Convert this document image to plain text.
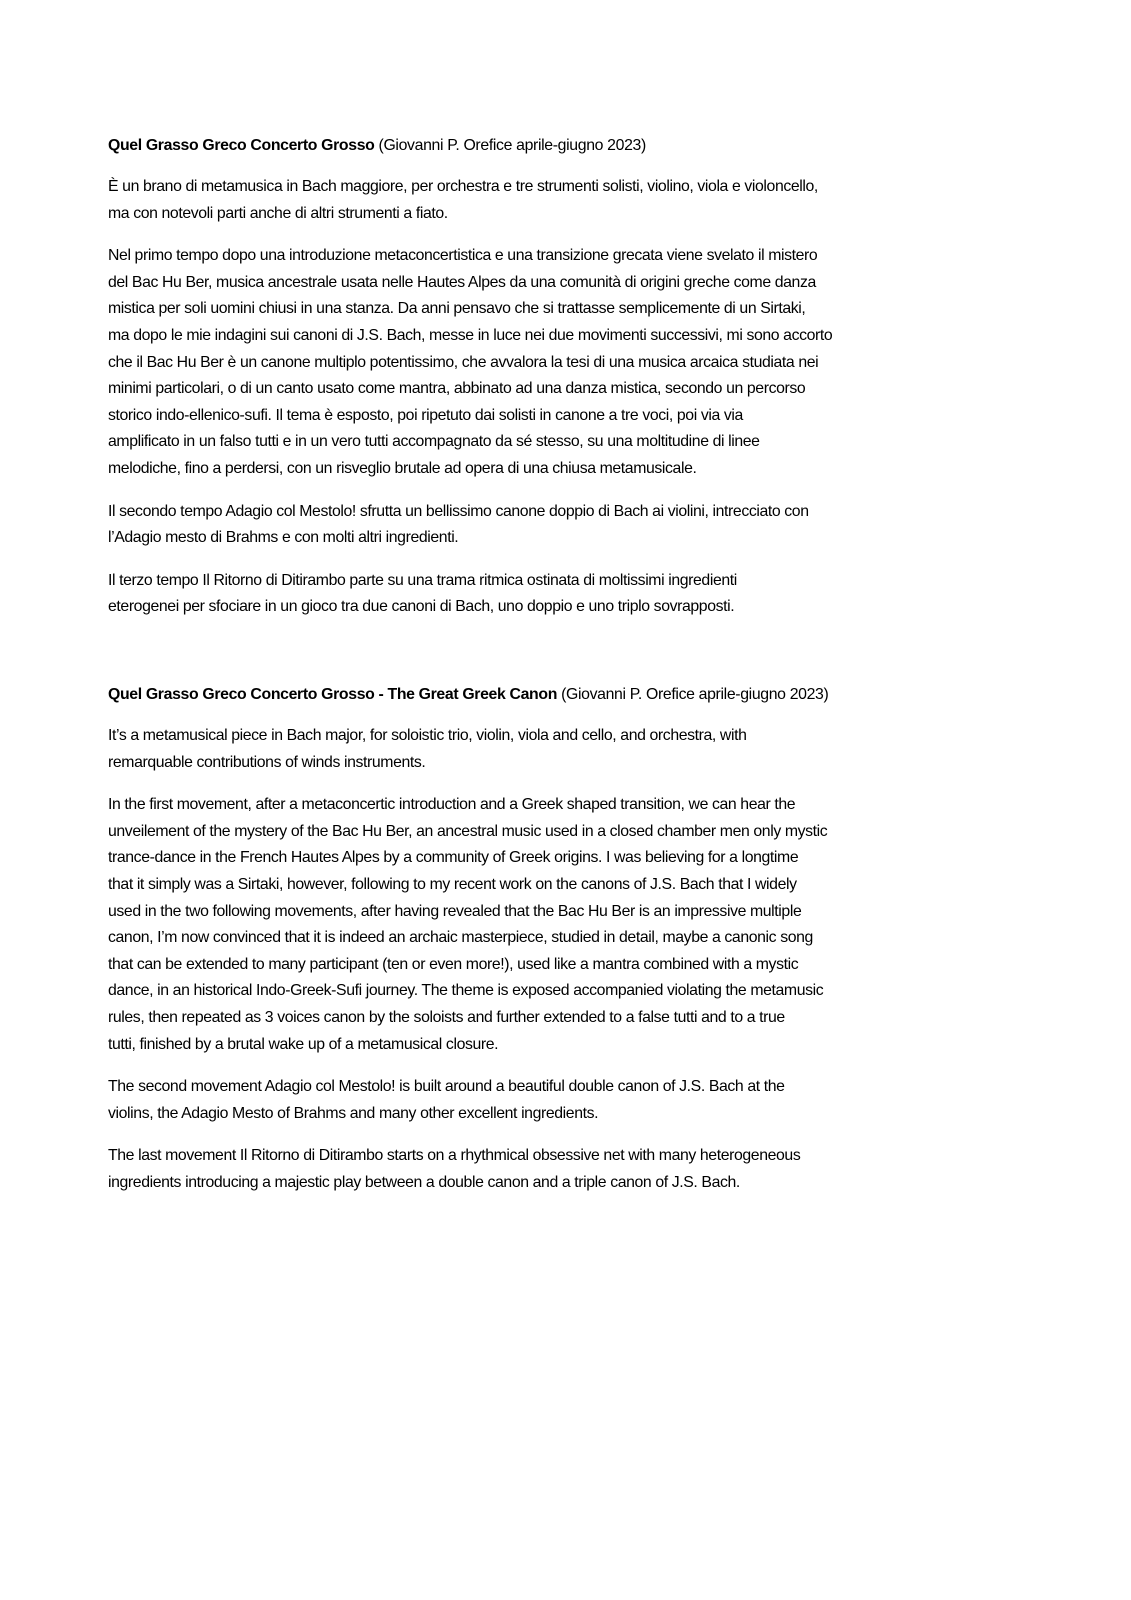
Quel Grasso Greco Concerto Grosso (Giovanni P. Orefice aprile-giugno 2023)
È un brano di metamusica in Bach maggiore, per orchestra e tre strumenti solisti, violino, viola e violoncello,
ma con notevoli parti anche di altri strumenti a fiato.
Nel primo tempo dopo una introduzione metaconcertistica e una transizione grecata viene svelato il mistero
del Bac Hu Ber, musica ancestrale usata nelle Hautes Alpes da una comunità di origini greche come danza
mistica per soli uomini chiusi in una stanza. Da anni pensavo che si trattasse semplicemente di un Sirtaki,
ma dopo le mie indagini sui canoni di J.S. Bach, messe in luce nei due movimenti successivi, mi sono accorto
che il Bac Hu Ber è un canone multiplo potentissimo, che avvalora la tesi di una musica arcaica studiata nei
minimi particolari, o di un canto usato come mantra, abbinato ad una danza mistica, secondo un percorso
storico indo-ellenico-sufi. Il tema è esposto, poi ripetuto dai solisti in canone a tre voci, poi via via
amplificato in un falso tutti e in un vero tutti accompagnato da sé stesso, su una moltitudine di linee
melodiche, fino a perdersi, con un risveglio brutale ad opera di una chiusa metamusicale.
Il secondo tempo Adagio col Mestolo! sfrutta un bellissimo canone doppio di Bach ai violini, intrecciato con
l’Adagio mesto di Brahms e con molti altri ingredienti.
Il terzo tempo Il Ritorno di Ditirambo parte su una trama ritmica ostinata di moltissimi ingredienti
eterogenei per sfociare in un gioco tra due canoni di Bach, uno doppio e uno triplo sovrapposti.
Quel Grasso Greco Concerto Grosso - The Great Greek Canon (Giovanni P. Orefice aprile-giugno 2023)
It’s a metamusical piece in Bach major, for soloistic trio, violin, viola and cello, and orchestra, with
remarquable contributions of winds instruments.
In the first movement, after a metaconcertic introduction and a Greek shaped transition, we can hear the
unveilement of the mystery of the Bac Hu Ber, an ancestral music used in a closed chamber men only mystic
trance-dance in the French Hautes Alpes by a community of Greek origins. I was believing for a longtime
that it simply was a Sirtaki, however, following to my recent work on the canons of J.S. Bach that I widely
used in the two following movements, after having revealed that the Bac Hu Ber is an impressive multiple
canon, I’m now convinced that it is indeed an archaic masterpiece, studied in detail, maybe a canonic song
that can be extended to many participant (ten or even more!), used like a mantra combined with a mystic
dance, in an historical Indo-Greek-Sufi journey. The theme is exposed accompanied violating the metamusic
rules, then repeated as 3 voices canon by the soloists and further extended to a false tutti and to a true
tutti, finished by a brutal wake up of a metamusical closure.
The second movement Adagio col Mestolo! is built around a beautiful double canon of J.S. Bach at the
violins, the Adagio Mesto of Brahms and many other excellent ingredients.
The last movement Il Ritorno di Ditirambo starts on a rhythmical obsessive net with many heterogeneous
ingredients introducing a majestic play between a double canon and a triple canon of J.S. Bach.
